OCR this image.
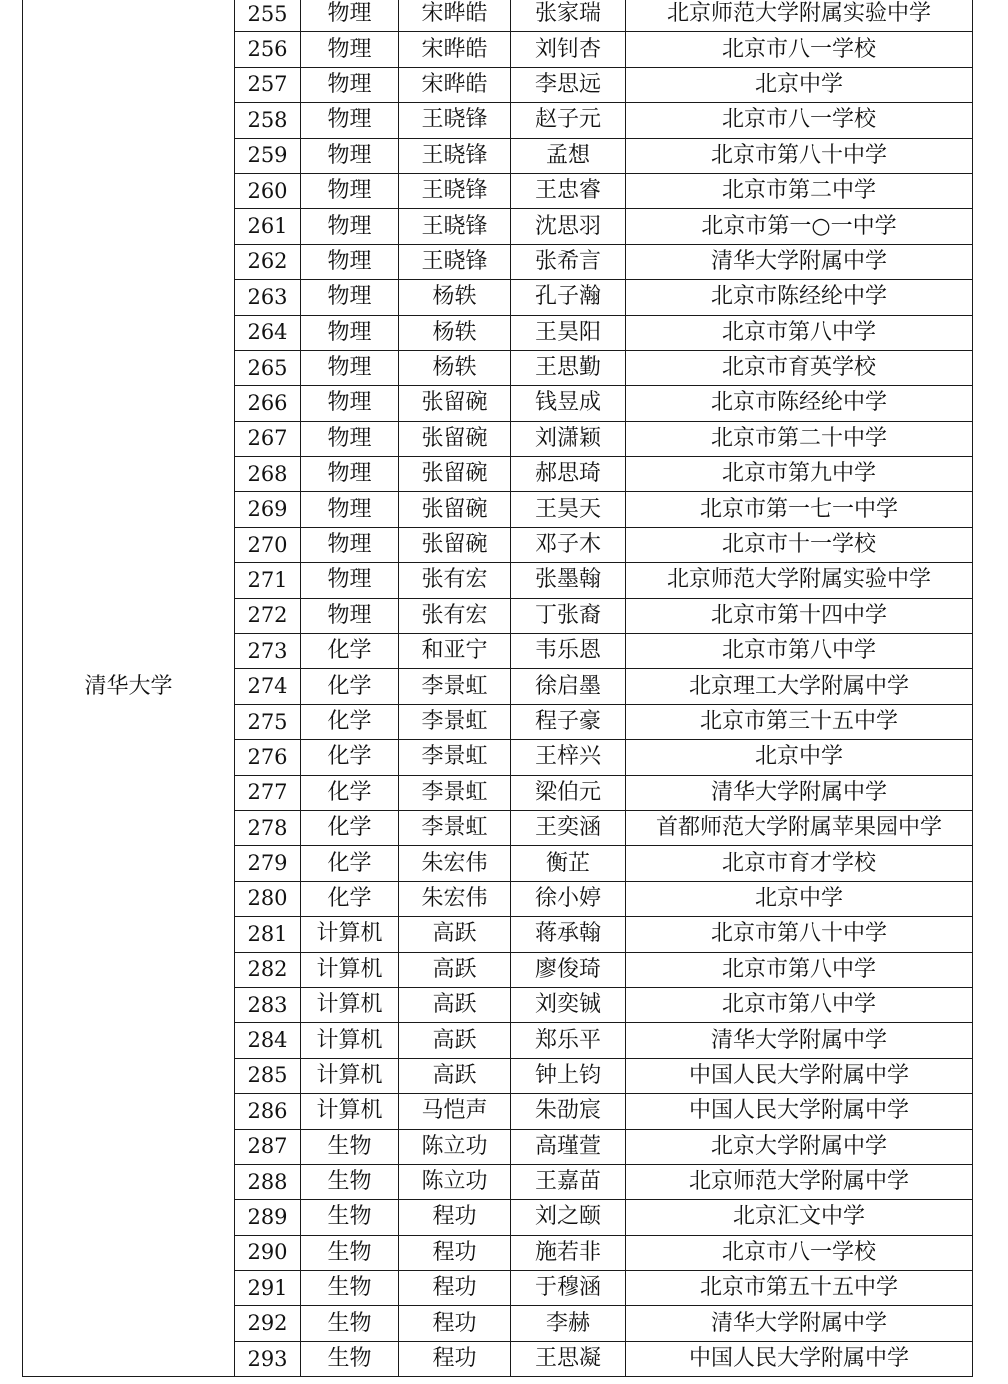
清华大学	255	物理	宋晔皓	张家瑞	北京师范大学附属实验中学
	256	物理	宋晔皓	刘钊杏	北京市八一学校
	257	物理	宋晔皓	李思远	北京中学
	258	物理	王晓锋	赵子元	北京市八一学校
	259	物理	王晓锋	孟想	北京市第八十中学
	260	物理	王晓锋	王忠睿	北京市第二中学
	261	物理	王晓锋	沈思羽	北京市第一○一中学
	262	物理	王晓锋	张希言	清华大学附属中学
	263	物理	杨轶	孔子瀚	北京市陈经纶中学
	264	物理	杨轶	王昊阳	北京市第八中学
	265	物理	杨轶	王思勤	北京市育英学校
	266	物理	张留碗	钱昱成	北京市陈经纶中学
	267	物理	张留碗	刘潇颖	北京市第二十中学
	268	物理	张留碗	郝思琦	北京市第九中学
	269	物理	张留碗	王昊天	北京市第一七一中学
	270	物理	张留碗	邓子木	北京市十一学校
	271	物理	张有宏	张墨翰	北京师范大学附属实验中学
	272	物理	张有宏	丁张裔	北京市第十四中学
	273	化学	和亚宁	韦乐恩	北京市第八中学
	274	化学	李景虹	徐启墨	北京理工大学附属中学
	275	化学	李景虹	程子豪	北京市第三十五中学
	276	化学	李景虹	王梓兴	北京中学
	277	化学	李景虹	梁伯元	清华大学附属中学
	278	化学	李景虹	王奕涵	首都师范大学附属苹果园中学
	279	化学	朱宏伟	衡芷	北京市育才学校
	280	化学	朱宏伟	徐小婷	北京中学
	281	计算机	高跃	蒋承翰	北京市第八十中学
	282	计算机	高跃	廖俊琦	北京市第八中学
	283	计算机	高跃	刘奕铖	北京市第八中学
	284	计算机	高跃	郑乐平	清华大学附属中学
	285	计算机	高跃	钟上钧	中国人民大学附属中学
	286	计算机	马恺声	朱劭宸	中国人民大学附属中学
	287	生物	陈立功	高瑾萱	北京大学附属中学
	288	生物	陈立功	王嘉苗	北京师范大学附属中学
	289	生物	程功	刘之颐	北京汇文中学
	290	生物	程功	施若非	北京市八一学校
	291	生物	程功	于穆涵	北京市第五十五中学
	292	生物	程功	李赫	清华大学附属中学
	293	生物	程功	王思凝	中国人民大学附属中学
